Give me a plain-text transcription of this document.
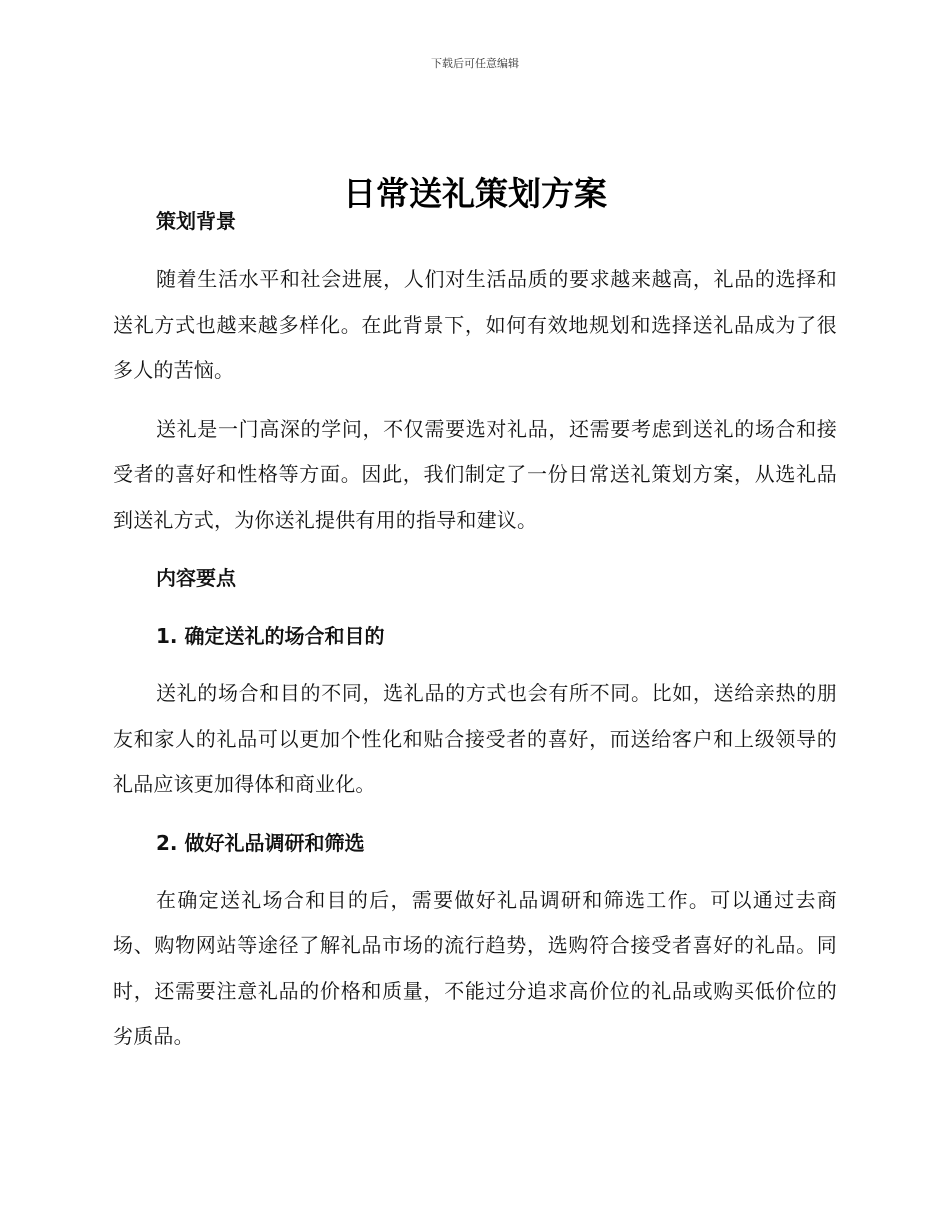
下载后可任意编辑
日常送礼策划方案

策划背景

随着生活水平和社会进展，人们对生活品质的要求越来越高，礼品的选择和送礼方式也越来越多样化。在此背景下，如何有效地规划和选择送礼品成为了很多人的苦恼。

送礼是一门高深的学问，不仅需要选对礼品，还需要考虑到送礼的场合和接受者的喜好和性格等方面。因此，我们制定了一份日常送礼策划方案，从选礼品到送礼方式，为你送礼提供有用的指导和建议。

内容要点

1. 确定送礼的场合和目的

送礼的场合和目的不同，选礼品的方式也会有所不同。比如，送给亲热的朋友和家人的礼品可以更加个性化和贴合接受者的喜好，而送给客户和上级领导的礼品应该更加得体和商业化。

2. 做好礼品调研和筛选

在确定送礼场合和目的后，需要做好礼品调研和筛选工作。可以通过去商场、购物网站等途径了解礼品市场的流行趋势，选购符合接受者喜好的礼品。同时，还需要注意礼品的价格和质量，不能过分追求高价位的礼品或购买低价位的劣质品。
